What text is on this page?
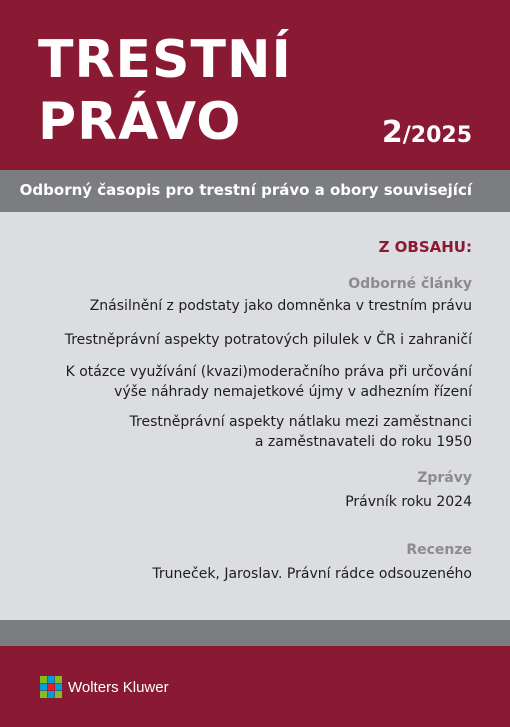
TRESTNÍ
PRÁVO	2/2025
Odborný časopis pro trestní právo a obory související
Z OBSAHU:
Odborné články
Znásilnění z podstaty jako domněnka v trestním právu
Trestněprávní aspekty potratových pilulek v ČR i zahraničí
K otázce využívání (kvazi)moderačního práva při určování
výše náhrady nemajetkové újmy v adhezním řízení
Trestněprávní aspekty nátlaku mezi zaměstnanci
a zaměstnavateli do roku 1950
Zprávy
Právník roku 2024
Recenze
Truneček, Jaroslav. Právní rádce odsouzeného
Wolters Kluwer
